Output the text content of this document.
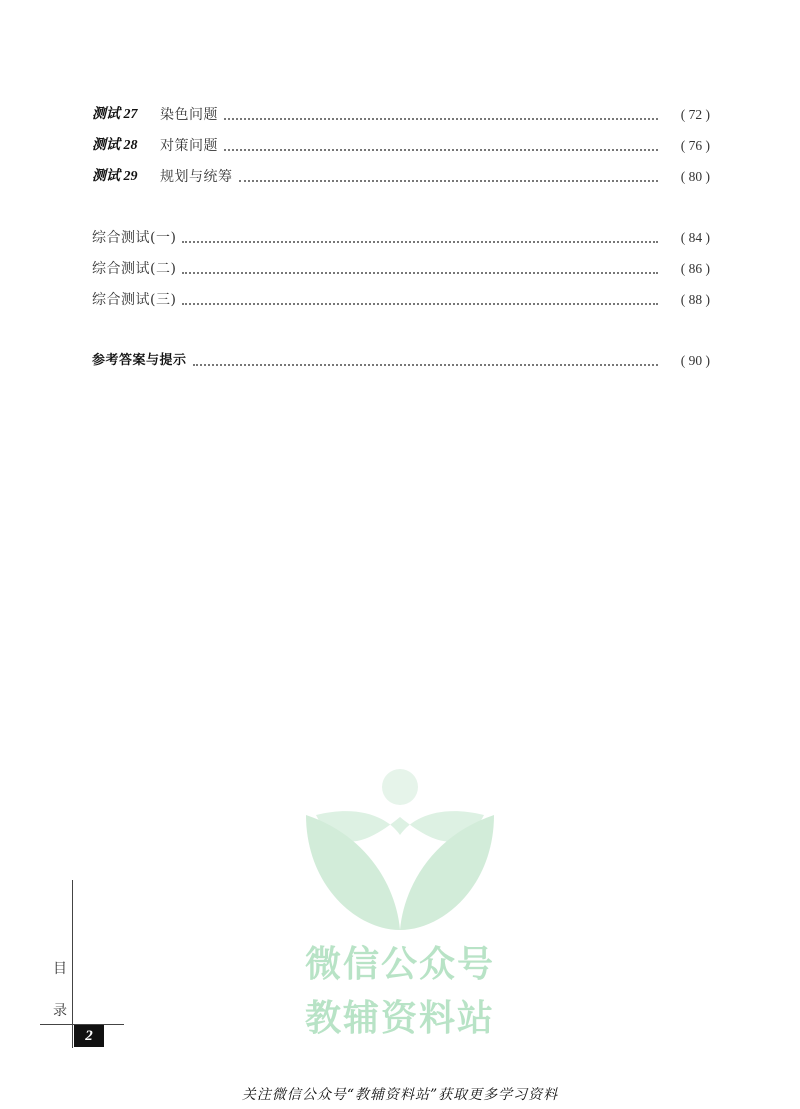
测试 27	染色问题	( 72 )
测试 28	对策问题	( 76 )
测试 29	规划与统筹	( 80 )
综合测试(一)	( 84 )
综合测试(二)	( 86 )
综合测试(三)	( 88 )
参考答案与提示	( 90 )
微信公众号
教辅资料站
目
录
2
关注微信公众号“教辅资料站”获取更多学习资料
